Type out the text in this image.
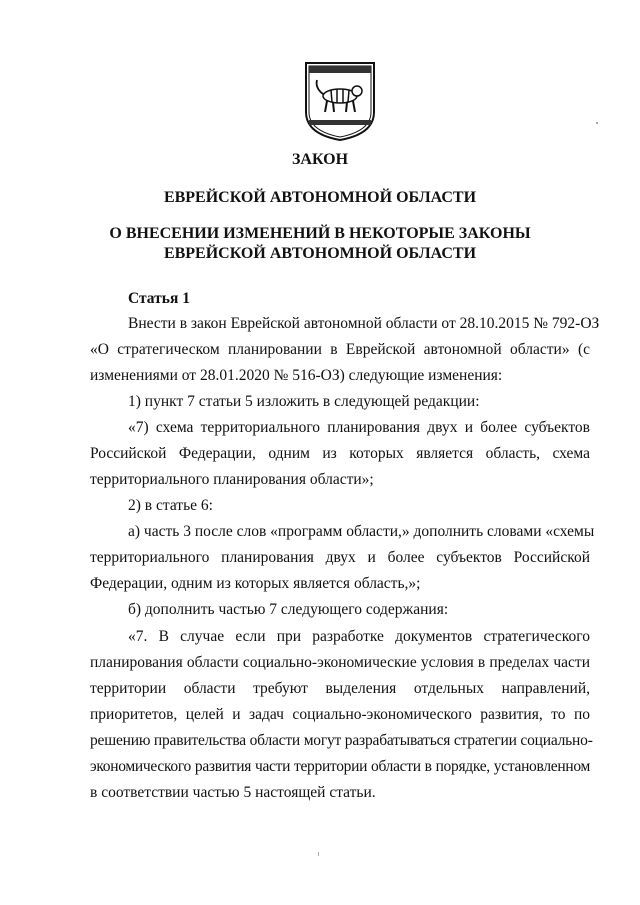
ЗАКОН
ЕВРЕЙСКОЙ АВТОНОМНОЙ ОБЛАСТИ
О ВНЕСЕНИИ ИЗМЕНЕНИЙ В НЕКОТОРЫЕ ЗАКОНЫ
ЕВРЕЙСКОЙ АВТОНОМНОЙ ОБЛАСТИ
Статья 1
Внести в закон Еврейской автономной области от 28.10.2015 № 792-ОЗ
«О стратегическом планировании в Еврейской автономной области» (с
изменениями от 28.01.2020 № 516-ОЗ) следующие изменения:
1) пункт 7 статьи 5 изложить в следующей редакции:
«7) схема территориального планирования двух и более субъектов
Российской Федерации, одним из которых является область, схема
территориального планирования области»;
2) в статье 6:
а) часть 3 после слов «программ области,» дополнить словами «схемы
территориального планирования двух и более субъектов Российской
Федерации, одним из которых является область,»;
б) дополнить частью 7 следующего содержания:
«7. В случае если при разработке документов стратегического
планирования области социально-экономические условия в пределах части
территории области требуют выделения отдельных направлений,
приоритетов, целей и задач социально-экономического развития, то по
решению правительства области могут разрабатываться стратегии социально-
экономического развития части территории области в порядке, установленном
в соответствии частью 5 настоящей статьи.
